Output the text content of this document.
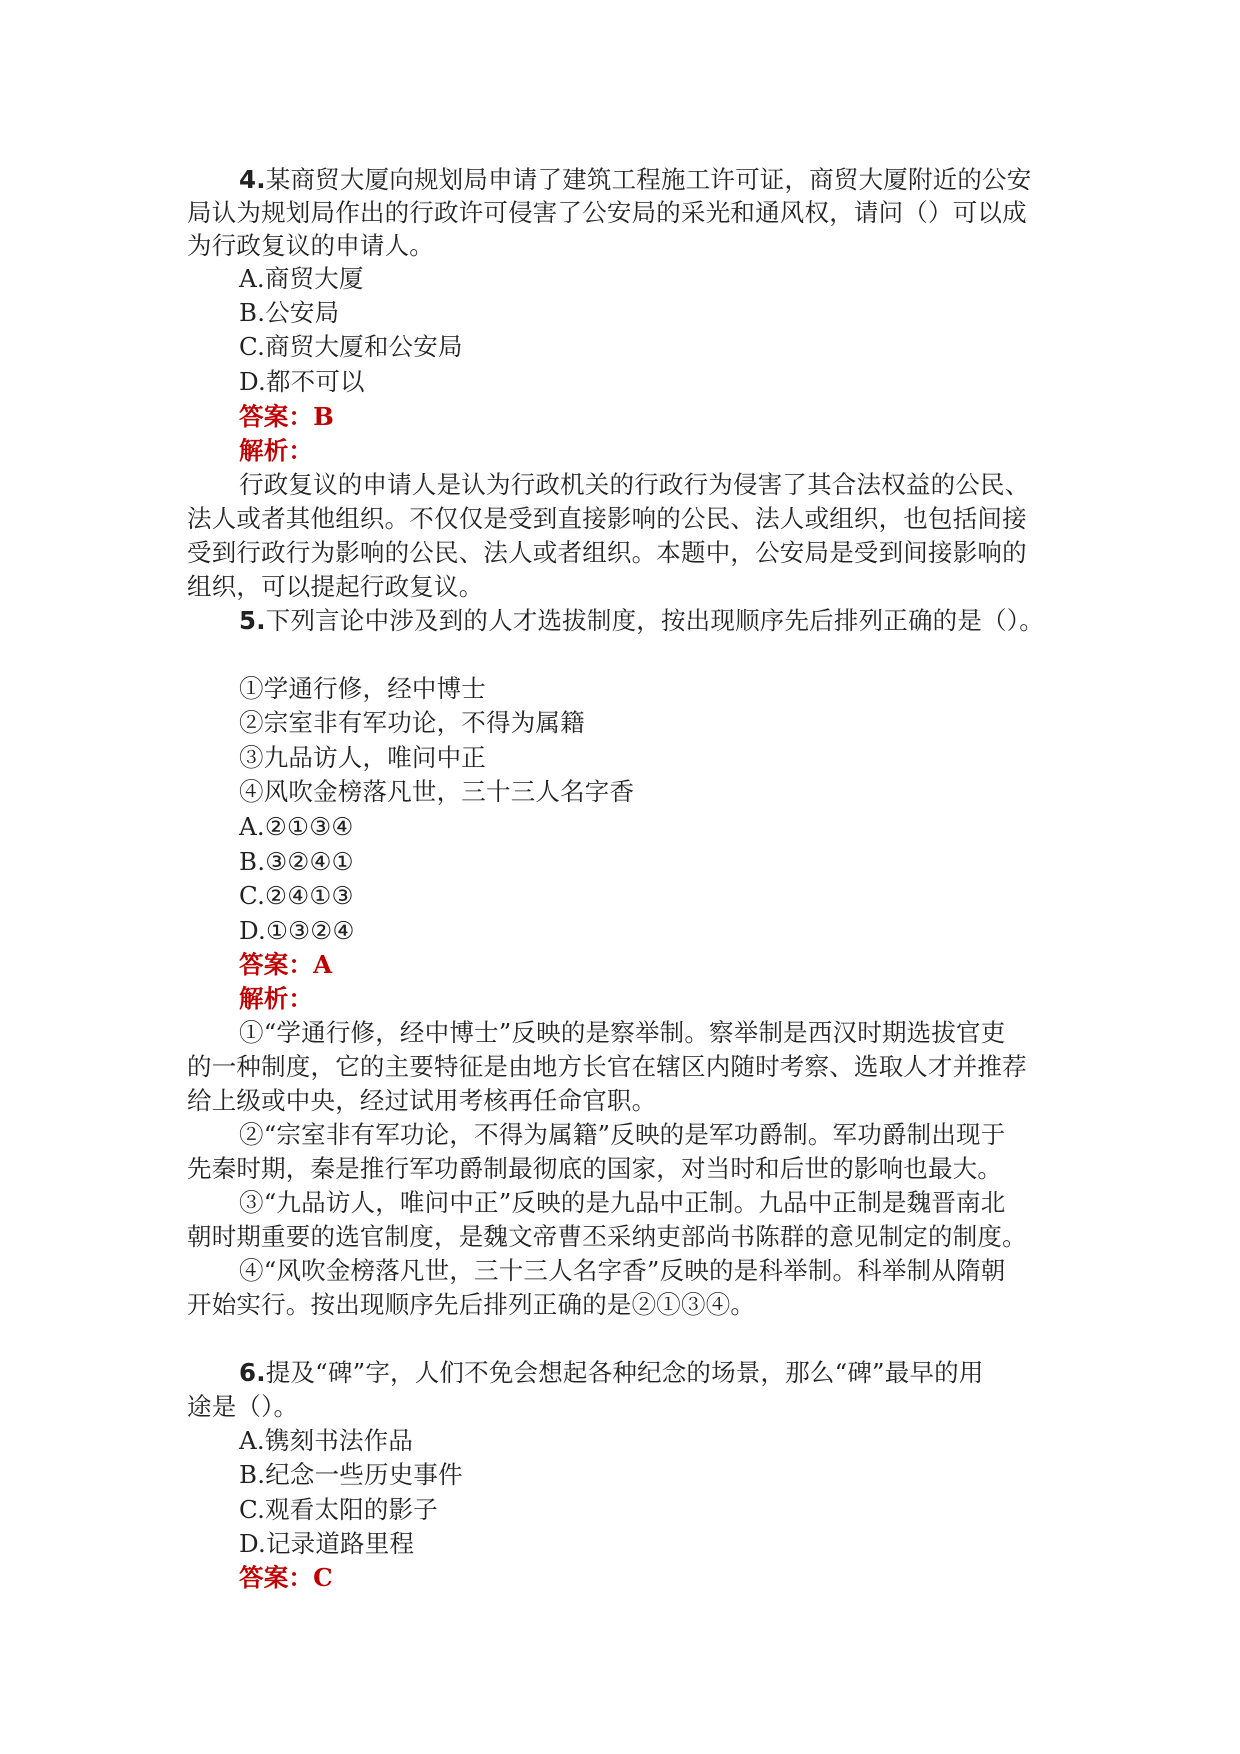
4.某商贸大厦向规划局申请了建筑工程施工许可证，商贸大厦附近的公安
局认为规划局作出的行政许可侵害了公安局的采光和通风权，请问（）可以成
为行政复议的申请人。
A.商贸大厦
B.公安局
C.商贸大厦和公安局
D.都不可以
答案：B
解析：
行政复议的申请人是认为行政机关的行政行为侵害了其合法权益的公民、
法人或者其他组织。不仅仅是受到直接影响的公民、法人或组织，也包括间接
受到行政行为影响的公民、法人或者组织。本题中，公安局是受到间接影响的
组织，可以提起行政复议。
5.下列言论中涉及到的人才选拔制度，按出现顺序先后排列正确的是（）。
①学通行修，经中博士
②宗室非有军功论，不得为属籍
③九品访人，唯问中正
④风吹金榜落凡世，三十三人名字香
A.②①③④
B.③②④①
C.②④①③
D.①③②④
答案：A
解析：
①“学通行修，经中博士”反映的是察举制。察举制是西汉时期选拔官吏
的一种制度，它的主要特征是由地方长官在辖区内随时考察、选取人才并推荐
给上级或中央，经过试用考核再任命官职。
②“宗室非有军功论，不得为属籍”反映的是军功爵制。军功爵制出现于
先秦时期，秦是推行军功爵制最彻底的国家，对当时和后世的影响也最大。
③“九品访人，唯问中正”反映的是九品中正制。九品中正制是魏晋南北
朝时期重要的选官制度，是魏文帝曹丕采纳吏部尚书陈群的意见制定的制度。
④“风吹金榜落凡世，三十三人名字香”反映的是科举制。科举制从隋朝
开始实行。按出现顺序先后排列正确的是②①③④。
6.提及“碑”字，人们不免会想起各种纪念的场景，那么“碑”最早的用
途是（）。
A.镌刻书法作品
B.纪念一些历史事件
C.观看太阳的影子
D.记录道路里程
答案：C
